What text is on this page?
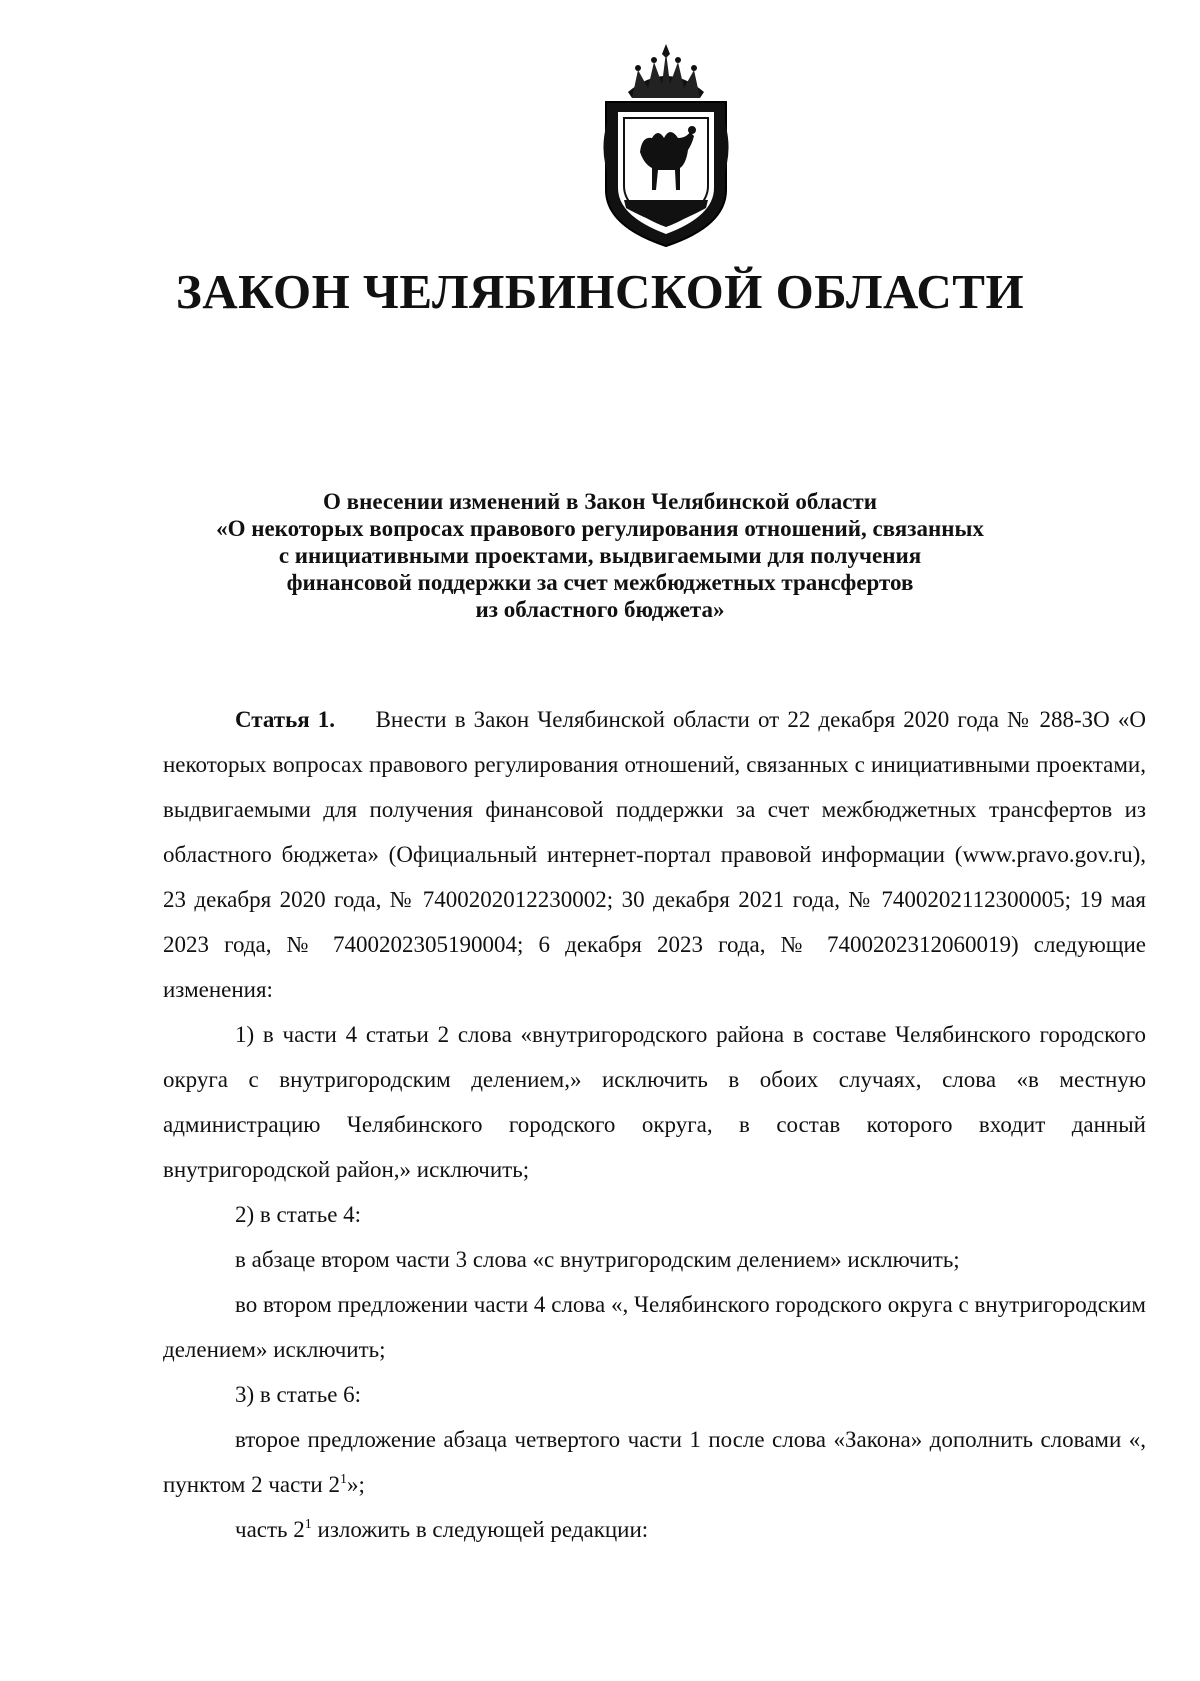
ЗАКОН ЧЕЛЯБИНСКОЙ ОБЛАСТИ
О внесении изменений в Закон Челябинской области
«О некоторых вопросах правового регулирования отношений, связанных
с инициативными проектами, выдвигаемыми для получения
финансовой поддержки за счет межбюджетных трансфертов
из областного бюджета»

Статья 1. Внести в Закон Челябинской области от 22 декабря 2020 года № 288-ЗО «О некоторых вопросах правового регулирования отношений, связанных с инициативными проектами, выдвигаемыми для получения финансовой поддержки за счет межбюджетных трансфертов из областного бюджета» (Официальный интернет-портал правовой информации (www.pravo.gov.ru), 23 декабря 2020 года, № 7400202012230002; 30 декабря 2021 года, № 7400202112300005; 19 мая 2023 года, № 7400202305190004; 6 декабря 2023 года, № 7400202312060019) следующие изменения:

1) в части 4 статьи 2 слова «внутригородского района в составе Челябинского городского округа с внутригородским делением,» исключить в обоих случаях, слова «в местную администрацию Челябинского городского округа, в состав которого входит данный внутригородской район,» исключить;

2) в статье 4:

в абзаце втором части 3 слова «с внутригородским делением» исключить;

во втором предложении части 4 слова «, Челябинского городского округа с внутригородским делением» исключить;

3) в статье 6:

второе предложение абзаца четвертого части 1 после слова «Закона» дополнить словами «, пунктом 2 части $2^1$»;

часть $2^1$ изложить в следующей редакции:
